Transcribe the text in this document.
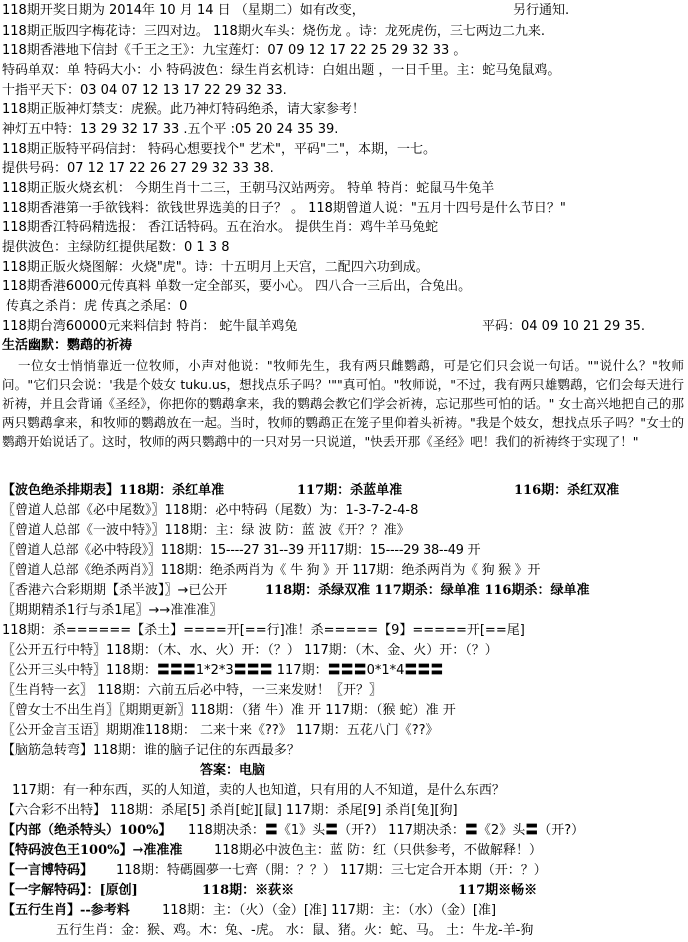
118期开奖日期为 2014年 10 月 14 日 （星期二）如有改变，	另行通知.
118期正版四字梅花诗：三四对边。 118期火车头：烧伤龙 。诗：龙死虎伤，三七两边二九来.
118期香港地下信封《千王之王》：九宝莲灯：07 09 12 17 22 25 29 32 33 。
特码单双：单 特码大小：小 特码波色：绿生肖玄机诗：白姐出题 ，一日千里。主：蛇马兔鼠鸡。
十指平天下：03 04 07 12 13 17 22 29 32 33.
118期正版神灯禁支：虎猴。此乃神灯特码绝杀，请大家参考！
神灯五中特：13 29 32 17 33 .五个平 :05 20 24 35 39.
118期正版特平码信封： 特码心想要找个" 艺术"，平码"二"，本期，一七。
提供号码：07 12 17 22 26 27 29 32 33 38.
118期正版火烧玄机： 今期生肖十二三，王朝马汉站两旁。 特单 特肖：蛇鼠马牛兔羊
118期香港第一手欲钱料：欲钱世界选美的日子？ 。 118期曾道人说："五月十四号是什么节日？"
118期香江特码精选报： 香江话特码。五在治水。 提供生肖：鸡牛羊马兔蛇
提供波色：主绿防红提供尾数：0 1 3 8
118期正版火烧图解：火烧"虎"。诗：十五明月上天宫，二配四六功到成。
118期香港6000元传真料 单数一定全部买，要小心。 四八合一三后出，合兔出。
传真之杀肖：虎 传真之杀尾：0
118期台湾60000元来料信封 特肖： 蛇牛鼠羊鸡兔	平码：04 09 10 21 29 35.
生活幽默：鹦鹉的祈祷
一位女士悄悄靠近一位牧师，小声对他说："牧师先生，我有两只雌鹦鹉，可是它们只会说一句话。""说什么？"牧师问。"它们只会说：'我是个妓女 tuku.us，想找点乐子吗？'""真可怕。"牧师说，"不过，我有两只雄鹦鹉，它们会每天进行祈祷，并且会背诵《圣经》，你把你的鹦鹉拿来，我的鹦鹉会教它们学会祈祷，忘记那些可怕的话。" 女士高兴地把自己的那两只鹦鹉拿来，和牧师的鹦鹉放在一起。当时，牧师的鹦鹉正在笼子里仰着头祈祷。"我是个妓女，想找点乐子吗？"女士的鹦鹉开始说话了。这时，牧师的两只鹦鹉中的一只对另一只说道，"快丢开那《圣经》吧！我们的祈祷终于实现了！"
【波色绝杀排期表】118期：杀红单准	117期：杀蓝单准	116期：杀红双准
〖曾道人总部《必中尾数》〗118期：必中特码（尾数）为：1-3-7-2-4-8
〖曾道人总部《一波中特》〗118期：主：绿 波 防：蓝 波《开？？准》
〖曾道人总部《必中特段》〗118期：15----27 31--39 开117期：15----29 38--49 开
〖曾道人总部《绝杀两肖》〗118期：绝杀两肖为《 牛 狗 》开 117期：绝杀两肖为《 狗 猴 》开
〖香港六合彩期期【杀半波】〗→已公开	118期：杀绿双准 117期杀：绿单准 116期杀：绿单准
〖期期精杀1行与杀1尾〗→→准准准〗
118期：杀======【杀土】====开[==行]准！杀=====【9】=====开[==尾]
〖公开五行中特〗118期：（木、水、火）开：（？） 117期：（木、金、火）开：（？）
〖公开三头中特〗118期：〓〓〓1*2*3〓〓〓 117期：〓〓〓0*1*4〓〓〓
〖生肖特一玄〗 118期：六前五后必中特，一三来发财！〖开？〗
〖曾女士不出生肖〗〖期期更新〗118期：（猪 牛）准 开 117期：（猴 蛇）准 开
〖公开金言玉语〗期期准118期： 二来十来《??》 117期：五花八门《??》
【脑筋急转弯】118期：谁的脑子记住的东西最多？
答案：电脑
117期：有一种东西，买的人知道，卖的人也知道，只有用的人不知道，是什么东西？
【六合彩不出特】 118期：杀尾[5] 杀肖[蛇][鼠] 117期：杀尾[9] 杀肖[兔][狗]
【内部（绝杀特头）100%】 118期决杀：〓《1》头〓（开?） 117期决杀：〓《2》头〓（开?）
【特码波色王100%】→准准准 118期必中波色主：蓝 防：红（只供参考，不做解释！）
【一言博特码】 118期：特碼圓夢一七齊（開：？？） 117期：三七定合开本期（开：？）
【一字解特码】：[原创]	118期：※荻※	117期※畅※
【五行生肖】--参考料 118期：主：（火）（金）[准] 117期：主：（水）（金）[准]
五行生肖：金：猴、鸡。木：兔、-虎。 水：鼠、猪。火：蛇、马。 土：牛龙-羊-狗
